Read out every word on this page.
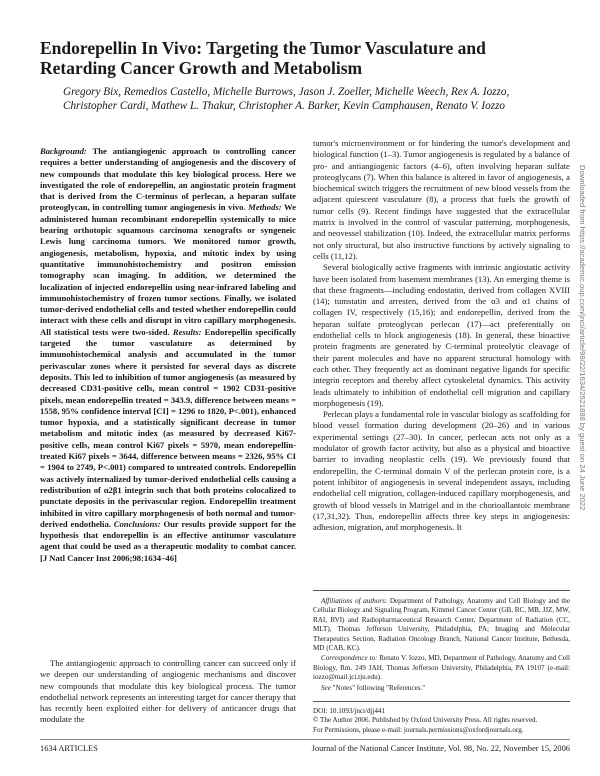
Endorepellin In Vivo: Targeting the Tumor Vasculature and Retarding Cancer Growth and Metabolism
Gregory Bix, Remedios Castello, Michelle Burrows, Jason J. Zoeller, Michelle Weech, Rex A. Iozzo, Christopher Cardi, Mathew L. Thakur, Christopher A. Barker, Kevin Camphausen, Renato V. Iozzo
Background: The antiangiogenic approach to controlling cancer requires a better understanding of angiogenesis and the discovery of new compounds that modulate this key biological process. Here we investigated the role of endorepellin, an angiostatic protein fragment that is derived from the C-terminus of perlecan, a heparan sulfate proteoglycan, in controlling tumor angiogenesis in vivo. Methods: We administered human recombinant endorepellin systemically to mice bearing orthotopic squamous carcinoma xenografts or syngeneic Lewis lung carcinoma tumors. We monitored tumor growth, angiogenesis, metabolism, hypoxia, and mitotic index by using quantitative immunohistochemistry and positron emission tomography scan imaging. In addition, we determined the localization of injected endorepellin using near-infrared labeling and immunohistochemistry of frozen tumor sections. Finally, we isolated tumor-derived endothelial cells and tested whether endorepellin could interact with these cells and disrupt in vitro capillary morphogenesis. All statistical tests were two-sided. Results: Endorepellin specifically targeted the tumor vasculature as determined by immunohistochemical analysis and accumulated in the tumor perivascular zones where it persisted for several days as discrete deposits. This led to inhibition of tumor angiogenesis (as measured by decreased CD31-positive cells, mean control = 1902 CD31-positive pixels, mean endorepellin treated = 343.9, difference between means = 1558, 95% confidence interval [CI] = 1296 to 1820, P<.001), enhanced tumor hypoxia, and a statistically significant decrease in tumor metabolism and mitotic index (as measured by decreased Ki67-positive cells, mean control Ki67 pixels = 5970, mean endorepellin-treated Ki67 pixels = 3644, difference between means = 2326, 95% CI = 1904 to 2749, P<.001) compared to untreated controls. Endorepellin was actively internalized by tumor-derived endothelial cells causing a redistribution of α2β1 integrin such that both proteins colocalized to punctate deposits in the perivascular region. Endorepellin treatment inhibited in vitro capillary morphogenesis of both normal and tumor-derived endothelia. Conclusions: Our results provide support for the hypothesis that endorepellin is an effective antitumor vasculature agent that could be used as a therapeutic modality to combat cancer. [J Natl Cancer Inst 2006;98:1634–46]

The antiangiogenic approach to controlling cancer can succeed only if we deepen our understanding of angiogenic mechanisms and discover new compounds that modulate this key biological process. The tumor endothelial network represents an interesting target for cancer therapy that has recently been exploited either for delivery of anticancer drugs that modulate the

tumor's microenvironment or for hindering the tumor's development and biological function (1–3). Tumor angiogenesis is regulated by a balance of pro- and antiangiogenic factors (4–6), often involving heparan sulfate proteoglycans (7). When this balance is altered in favor of angiogenesis, a biochemical switch triggers the recruitment of new blood vessels from the adjacent quiescent vasculature (8), a process that fuels the growth of tumor cells (9). Recent findings have suggested that the extracellular matrix is involved in the control of vascular patterning, morphogenesis, and neovessel stabilization (10). Indeed, the extracellular matrix performs not only structural, but also instructive functions by actively signaling to cells (11,12).

Several biologically active fragments with intrinsic angiostatic activity have been isolated from basement membranes (13). An emerging theme is that these fragments—including endostatin, derived from collagen XVIII (14); tumstatin and arresten, derived from the α3 and α1 chains of collagen IV, respectively (15,16); and endorepellin, derived from the heparan sulfate proteoglycan perlecan (17)—act preferentially on endothelial cells to block angiogenesis (18). In general, these bioactive protein fragments are generated by C-terminal proteolytic cleavage of their parent molecules and have no apparent structural homology with each other. They frequently act as dominant negative ligands for specific integrin receptors and thereby affect cytoskeletal dynamics. This activity leads ultimately to inhibition of endothelial cell migration and capillary morphogenesis (19).

Perlecan plays a fundamental role in vascular biology as scaffolding for blood vessel formation during development (20–26) and in various experimental settings (27–30). In cancer, perlecan acts not only as a modulator of growth factor activity, but also as a physical and bioactive barrier to invading neoplastic cells (19). We previously found that endorepellin, the C-terminal domain V of the perlecan protein core, is a potent inhibitor of angiogenesis in several independent assays, including endothelial cell migration, collagen-induced capillary morphogenesis, and growth of blood vessels in Matrigel and in the chorioallantoic membrane (17,31,32). Thus, endorepellin affects three key steps in angiogenesis: adhesion, migration, and morphogenesis. It

Affiliations of authors: Department of Pathology, Anatomy and Cell Biology and the Cellular Biology and Signaling Program, Kimmel Cancer Center (GB, RC, MB, JJZ, MW, RAI, RVI) and Radiopharmaceutical Research Center, Department of Radiation (CC, MLT), Thomas Jefferson University, Philadelphia, PA; Imaging and Molecular Therapeutics Section, Radiation Oncology Branch, National Cancer Institute, Bethesda, MD (CAB, KC).

Correspondence to: Renato V. Iozzo, MD, Department of Pathology, Anatomy and Cell Biology, Rm. 249 JAH, Thomas Jefferson University, Philadelphia, PA 19107 (e-mail: iozzo@mail.jci.tju.edu).

See "Notes" following "References."

DOI: 10.1093/jnci/djj441

© The Author 2006. Published by Oxford University Press. All rights reserved.

For Permissions, please e-mail: journals.permissions@oxfordjournals.org.

1634 ARTICLES	Journal of the National Cancer Institute, Vol. 98, No. 22, November 15, 2006
Downloaded from https://academic.oup.com/jnci/article/98/22/1634/2521888 by guest on 24 June 2022
